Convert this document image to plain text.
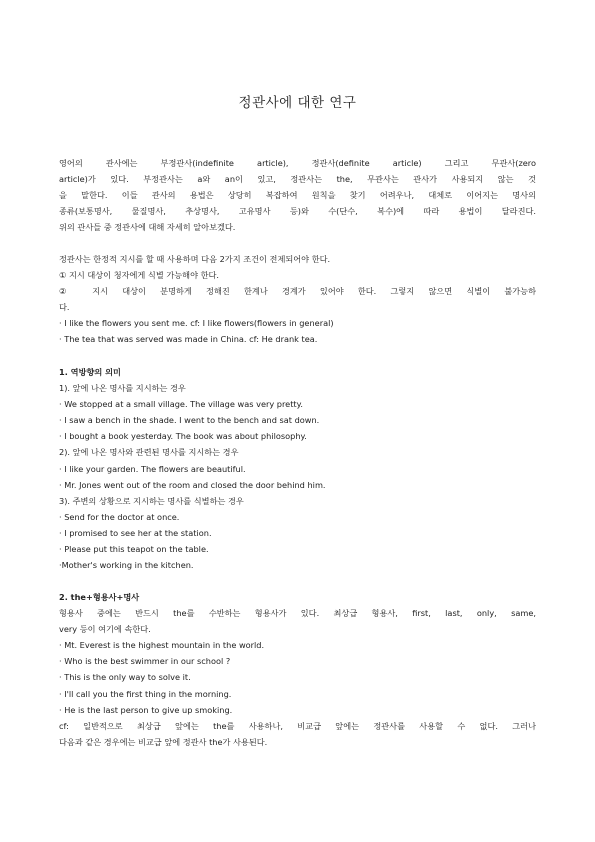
정관사에 대한 연구
영어의 관사에는 부정관사(indefinite article), 정관사(definite article) 그리고 무관사(zero
article)가 있다. 부정관사는 a와 an이 있고, 정관사는 the, 무관사는 관사가 사용되지 않는 것
을 말한다. 이들 관사의 용법은 상당히 복잡하여 원칙을 찾기 어려우나, 대체로 이어지는 명사의
종류(보통명사, 물질명사, 추상명사, 고유명사 등)와 수(단수, 복수)에 따라 용법이 달라진다.
위의 관사들 중 정관사에 대해 자세히 알아보겠다.
정관사는 한정적 지시를 할 때 사용하며 다음 2가지 조건이 전제되어야 한다.
① 지시 대상이 청자에게 식별 가능해야 한다.
② 지시 대상이 분명하게 정해진 한계나 경계가 있어야 한다. 그렇지 않으면 식별이 불가능하
다.
· I like the flowers you sent me. cf: I like flowers(flowers in general)
· The tea that was served was made in China. cf: He drank tea.
1. 역방향의 의미
1). 앞에 나온 명사를 지시하는 경우
· We stopped at a small village. The village was very pretty.
· I saw a bench in the shade. I went to the bench and sat down.
· I bought a book yesterday. The book was about philosophy.
2). 앞에 나온 명사와 관련된 명사를 지시하는 경우
· I like your garden. The flowers are beautiful.
· Mr. Jones went out of the room and closed the door behind him.
3). 주변의 상황으로 지시하는 명사를 식별하는 경우
· Send for the doctor at once.
· I promised to see her at the station.
· Please put this teapot on the table.
·Mother's working in the kitchen.
2. the+형용사+명사
형용사 중에는 반드시 the를 수반하는 형용사가 있다. 최상급 형용사, first, last, only, same,
very 등이 여기에 속한다.
· Mt. Everest is the highest mountain in the world.
· Who is the best swimmer in our school ?
· This is the only way to solve it.
· I'll call you the first thing in the morning.
· He is the last person to give up smoking.
cf: 일반적으로 최상급 앞에는 the를 사용하나, 비교급 앞에는 정관사를 사용할 수 없다. 그러나
다음과 같은 경우에는 비교급 앞에 정관사 the가 사용된다.
